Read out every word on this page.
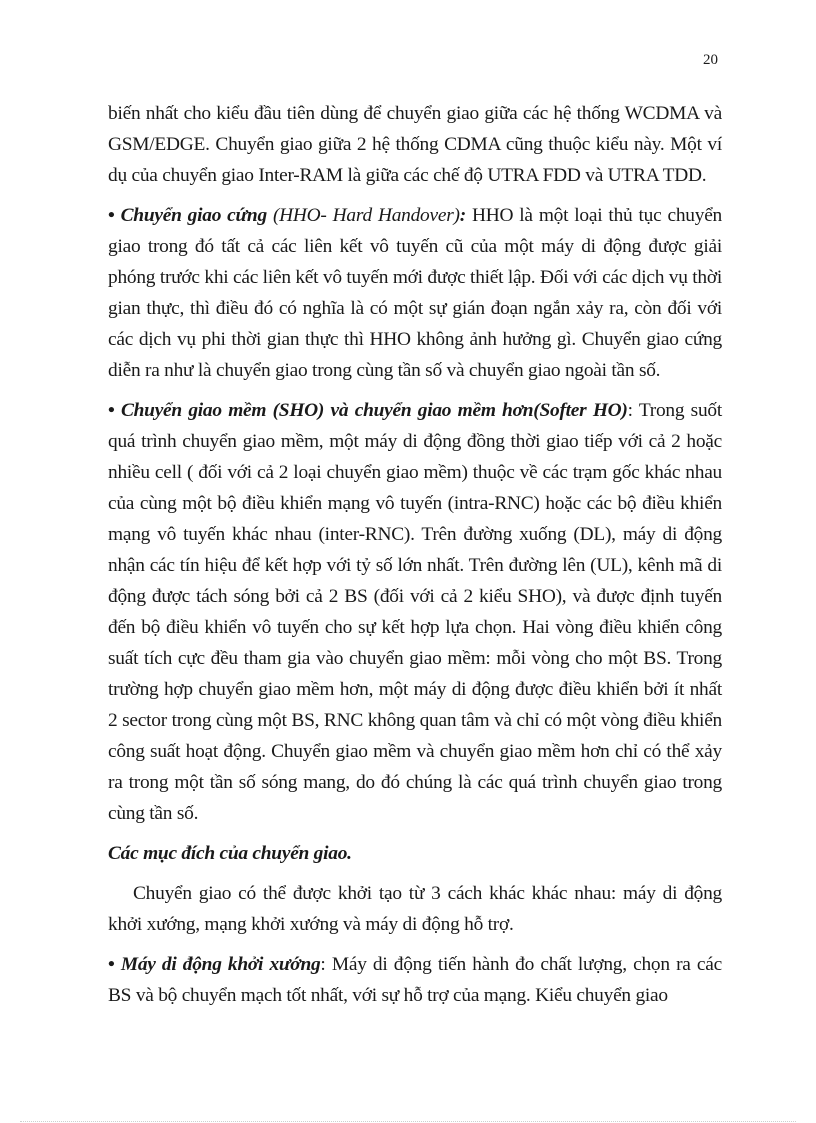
20

biến nhất cho kiểu đầu tiên dùng để chuyển giao giữa các hệ thống WCDMA và GSM/EDGE. Chuyển giao giữa 2 hệ thống CDMA cũng thuộc kiểu này. Một ví dụ của chuyển giao Inter-RAM là giữa các chế độ UTRA FDD và UTRA TDD.

• Chuyển giao cứng (HHO- Hard Handover): HHO là một loại thủ tục chuyển giao trong đó tất cả các liên kết vô tuyến cũ của một máy di động được giải phóng trước khi các liên kết vô tuyến mới được thiết lập. Đối với các dịch vụ thời gian thực, thì điều đó có nghĩa là có một sự gián đoạn ngắn xảy ra, còn đối với các dịch vụ phi thời gian thực thì HHO không ảnh hưởng gì. Chuyển giao cứng diễn ra như là chuyển giao trong cùng tần số và chuyển giao ngoài tần số.

• Chuyển giao mềm (SHO) và chuyển giao mềm hơn(Softer HO): Trong suốt quá trình chuyển giao mềm, một máy di động đồng thời giao tiếp với cả 2 hoặc nhiều cell ( đối với cả 2 loại chuyển giao mềm) thuộc về các trạm gốc khác nhau của cùng một bộ điều khiển mạng vô tuyến (intra-RNC) hoặc các bộ điều khiển mạng vô tuyến khác nhau (inter-RNC). Trên đường xuống (DL), máy di động nhận các tín hiệu để kết hợp với tỷ số lớn nhất. Trên đường lên (UL), kênh mã di động được tách sóng bởi cả 2 BS (đối với cả 2 kiểu SHO), và được định tuyến đến bộ điều khiển vô tuyến cho sự kết hợp lựa chọn. Hai vòng điều khiển công suất tích cực đều tham gia vào chuyển giao mềm: mỗi vòng cho một BS. Trong trường hợp chuyển giao mềm hơn, một máy di động được điều khiển bởi ít nhất 2 sector trong cùng một BS, RNC không quan tâm và chỉ có một vòng điều khiển công suất hoạt động. Chuyển giao mềm và chuyển giao mềm hơn chỉ có thể xảy ra trong một tần số sóng mang, do đó chúng là các quá trình chuyển giao trong cùng tần số.

Các mục đích của chuyển giao.

Chuyển giao có thể được khởi tạo từ 3 cách khác khác nhau: máy di động khởi xướng, mạng khởi xướng và máy di động hỗ trợ.

• Máy di động khởi xướng: Máy di động tiến hành đo chất lượng, chọn ra các BS và bộ chuyển mạch tốt nhất, với sự hỗ trợ của mạng. Kiểu chuyển giao
